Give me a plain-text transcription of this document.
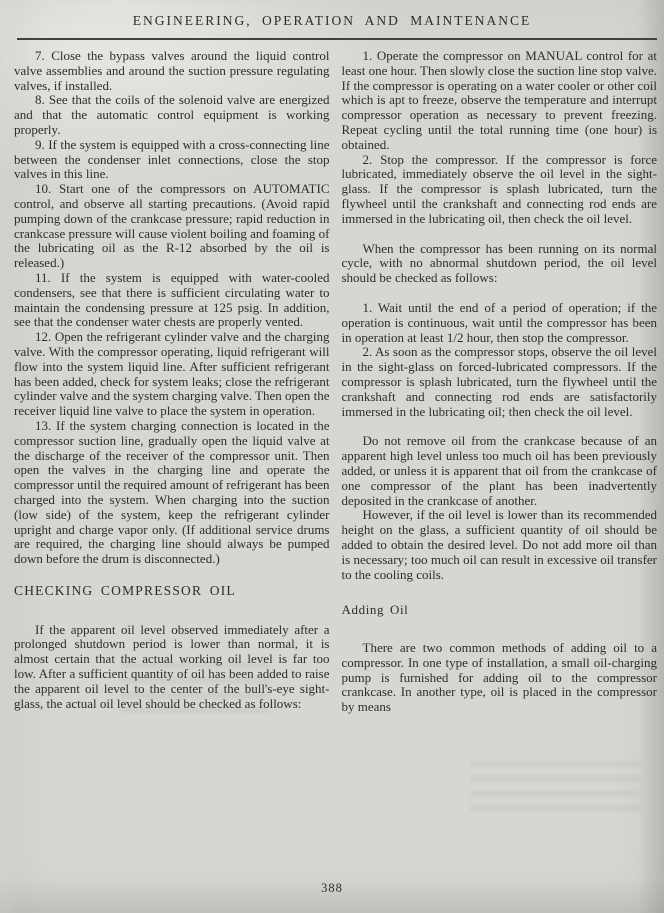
ENGINEERING, OPERATION AND MAINTENANCE

7. Close the bypass valves around the liquid control valve assemblies and around the suction pressure regulating valves, if installed.

8. See that the coils of the solenoid valve are energized and that the automatic control equipment is working properly.

9. If the system is equipped with a cross-connecting line between the condenser inlet connections, close the stop valves in this line.

10. Start one of the compressors on AUTOMATIC control, and observe all starting precautions. (Avoid rapid pumping down of the crankcase pressure; rapid reduction in crankcase pressure will cause violent boiling and foaming of the lubricating oil as the R-12 absorbed by the oil is released.)

11. If the system is equipped with water-cooled condensers, see that there is sufficient circulating water to maintain the condensing pressure at 125 psig. In addition, see that the condenser water chests are properly vented.

12. Open the refrigerant cylinder valve and the charging valve. With the compressor operating, liquid refrigerant will flow into the system liquid line. After sufficient refrigerant has been added, check for system leaks; close the refrigerant cylinder valve and the system charging valve. Then open the receiver liquid line valve to place the system in operation.

13. If the system charging connection is located in the compressor suction line, gradually open the liquid valve at the discharge of the receiver of the compressor unit. Then open the valves in the charging line and operate the compressor until the required amount of refrigerant has been charged into the system. When charging into the suction (low side) of the system, keep the refrigerant cylinder upright and charge vapor only. (If additional service drums are required, the charging line should always be pumped down before the drum is disconnected.)

CHECKING COMPRESSOR OIL

If the apparent oil level observed immediately after a prolonged shutdown period is lower than normal, it is almost certain that the actual working oil level is far too low. After a sufficient quantity of oil has been added to raise the apparent oil level to the center of the bull's-eye sight-glass, the actual oil level should be checked as follows:

1. Operate the compressor on MANUAL control for at least one hour. Then slowly close the suction line stop valve. If the compressor is operating on a water cooler or other coil which is apt to freeze, observe the temperature and interrupt compressor operation as necessary to prevent freezing. Repeat cycling until the total running time (one hour) is obtained.

2. Stop the compressor. If the compressor is force lubricated, immediately observe the oil level in the sight-glass. If the compressor is splash lubricated, turn the flywheel until the crankshaft and connecting rod ends are immersed in the lubricating oil, then check the oil level.

When the compressor has been running on its normal cycle, with no abnormal shutdown period, the oil level should be checked as follows:

1. Wait until the end of a period of operation; if the operation is continuous, wait until the compressor has been in operation at least 1/2 hour, then stop the compressor.

2. As soon as the compressor stops, observe the oil level in the sight-glass on forced-lubricated compressors. If the compressor is splash lubricated, turn the flywheel until the crankshaft and connecting rod ends are satisfactorily immersed in the lubricating oil; then check the oil level.

Do not remove oil from the crankcase because of an apparent high level unless too much oil has been previously added, or unless it is apparent that oil from the crankcase of one compressor of the plant has been inadvertently deposited in the crankcase of another.

However, if the oil level is lower than its recommended height on the glass, a sufficient quantity of oil should be added to obtain the desired level. Do not add more oil than is necessary; too much oil can result in excessive oil transfer to the cooling coils.

Adding Oil

There are two common methods of adding oil to a compressor. In one type of installation, a small oil-charging pump is furnished for adding oil to the compressor crankcase. In another type, oil is placed in the compressor by means

388
